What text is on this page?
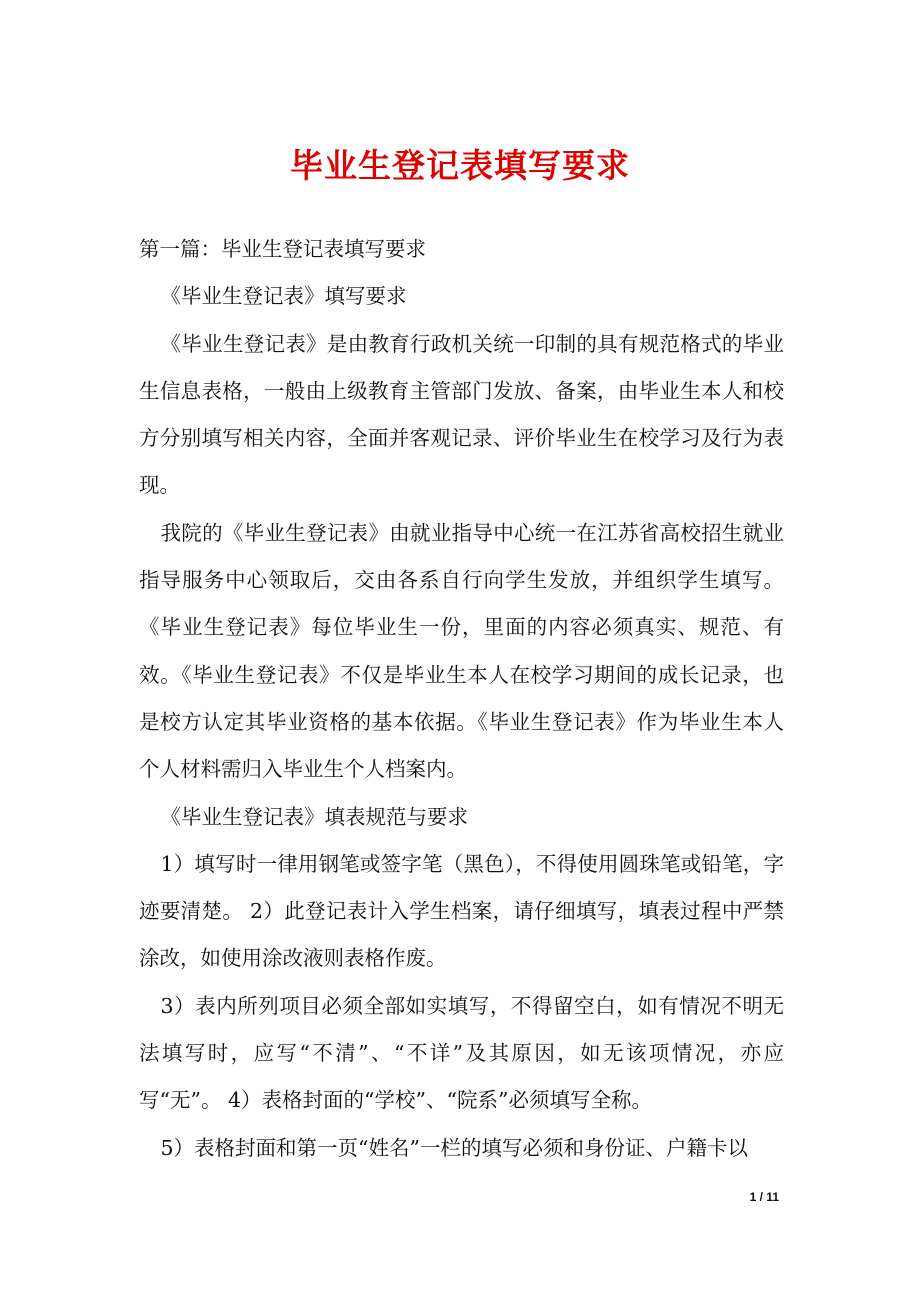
毕业生登记表填写要求

第一篇：毕业生登记表填写要求

《毕业生登记表》填写要求

《毕业生登记表》是由教育行政机关统一印制的具有规范格式的毕业生信息表格，一般由上级教育主管部门发放、备案，由毕业生本人和校方分别填写相关内容，全面并客观记录、评价毕业生在校学习及行为表现。

我院的《毕业生登记表》由就业指导中心统一在江苏省高校招生就业指导服务中心领取后，交由各系自行向学生发放，并组织学生填写。《毕业生登记表》每位毕业生一份，里面的内容必须真实、规范、有效。《毕业生登记表》不仅是毕业生本人在校学习期间的成长记录，也是校方认定其毕业资格的基本依据。《毕业生登记表》作为毕业生本人个人材料需归入毕业生个人档案内。

《毕业生登记表》填表规范与要求

1）填写时一律用钢笔或签字笔（黑色），不得使用圆珠笔或铅笔，字迹要清楚。 2）此登记表计入学生档案，请仔细填写，填表过程中严禁涂改，如使用涂改液则表格作废。

3）表内所列项目必须全部如实填写，不得留空白，如有情况不明无法填写时，应写“不清”、“不详”及其原因，如无该项情况，亦应写“无”。 4）表格封面的“学校”、“院系”必须填写全称。

5）表格封面和第一页“姓名”一栏的填写必须和身份证、户籍卡以

1 / 11
